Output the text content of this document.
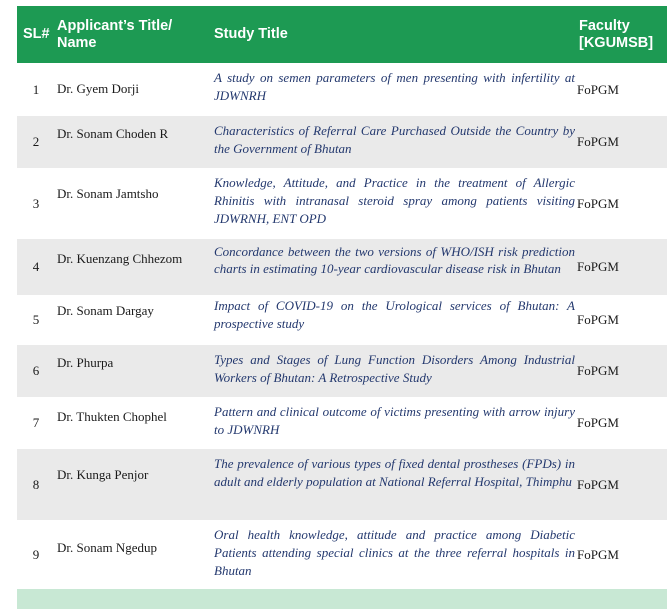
SL#	Applicant’s Title/ Name	Study Title	Faculty [KGUMSB]
1	Dr. Gyem Dorji	A study on semen parameters of men presenting with infertility at JDWNRH	FoPGM
2	Dr. Sonam Choden R	Characteristics of Referral Care Purchased Outside the Country by the Government of Bhutan	FoPGM
3	Dr. Sonam Jamtsho	Knowledge, Attitude, and Practice in the treatment of Allergic Rhinitis with intranasal steroid spray among patients visiting JDWRNH, ENT OPD	FoPGM
4	Dr. Kuenzang Chhezom	Concordance between the two versions of WHO/ISH risk prediction charts in estimating 10-year cardiovascular disease risk in Bhutan	FoPGM
5	Dr. Sonam Dargay	Impact of COVID-19 on the Urological services of Bhutan: A prospective study	FoPGM
6	Dr. Phurpa	Types and Stages of Lung Function Disorders Among Industrial Workers of Bhutan: A Retrospective Study	FoPGM
7	Dr. Thukten Chophel	Pattern and clinical outcome of victims presenting with arrow injury to JDWNRH	FoPGM
8	Dr. Kunga Penjor	The prevalence of various types of fixed dental prostheses (FPDs) in adult and elderly population at National Referral Hospital, Thimphu	FoPGM
9	Dr. Sonam Ngedup	Oral health knowledge, attitude and practice among Diabetic Patients attending special clinics at the three referral hospitals in Bhutan	FoPGM
